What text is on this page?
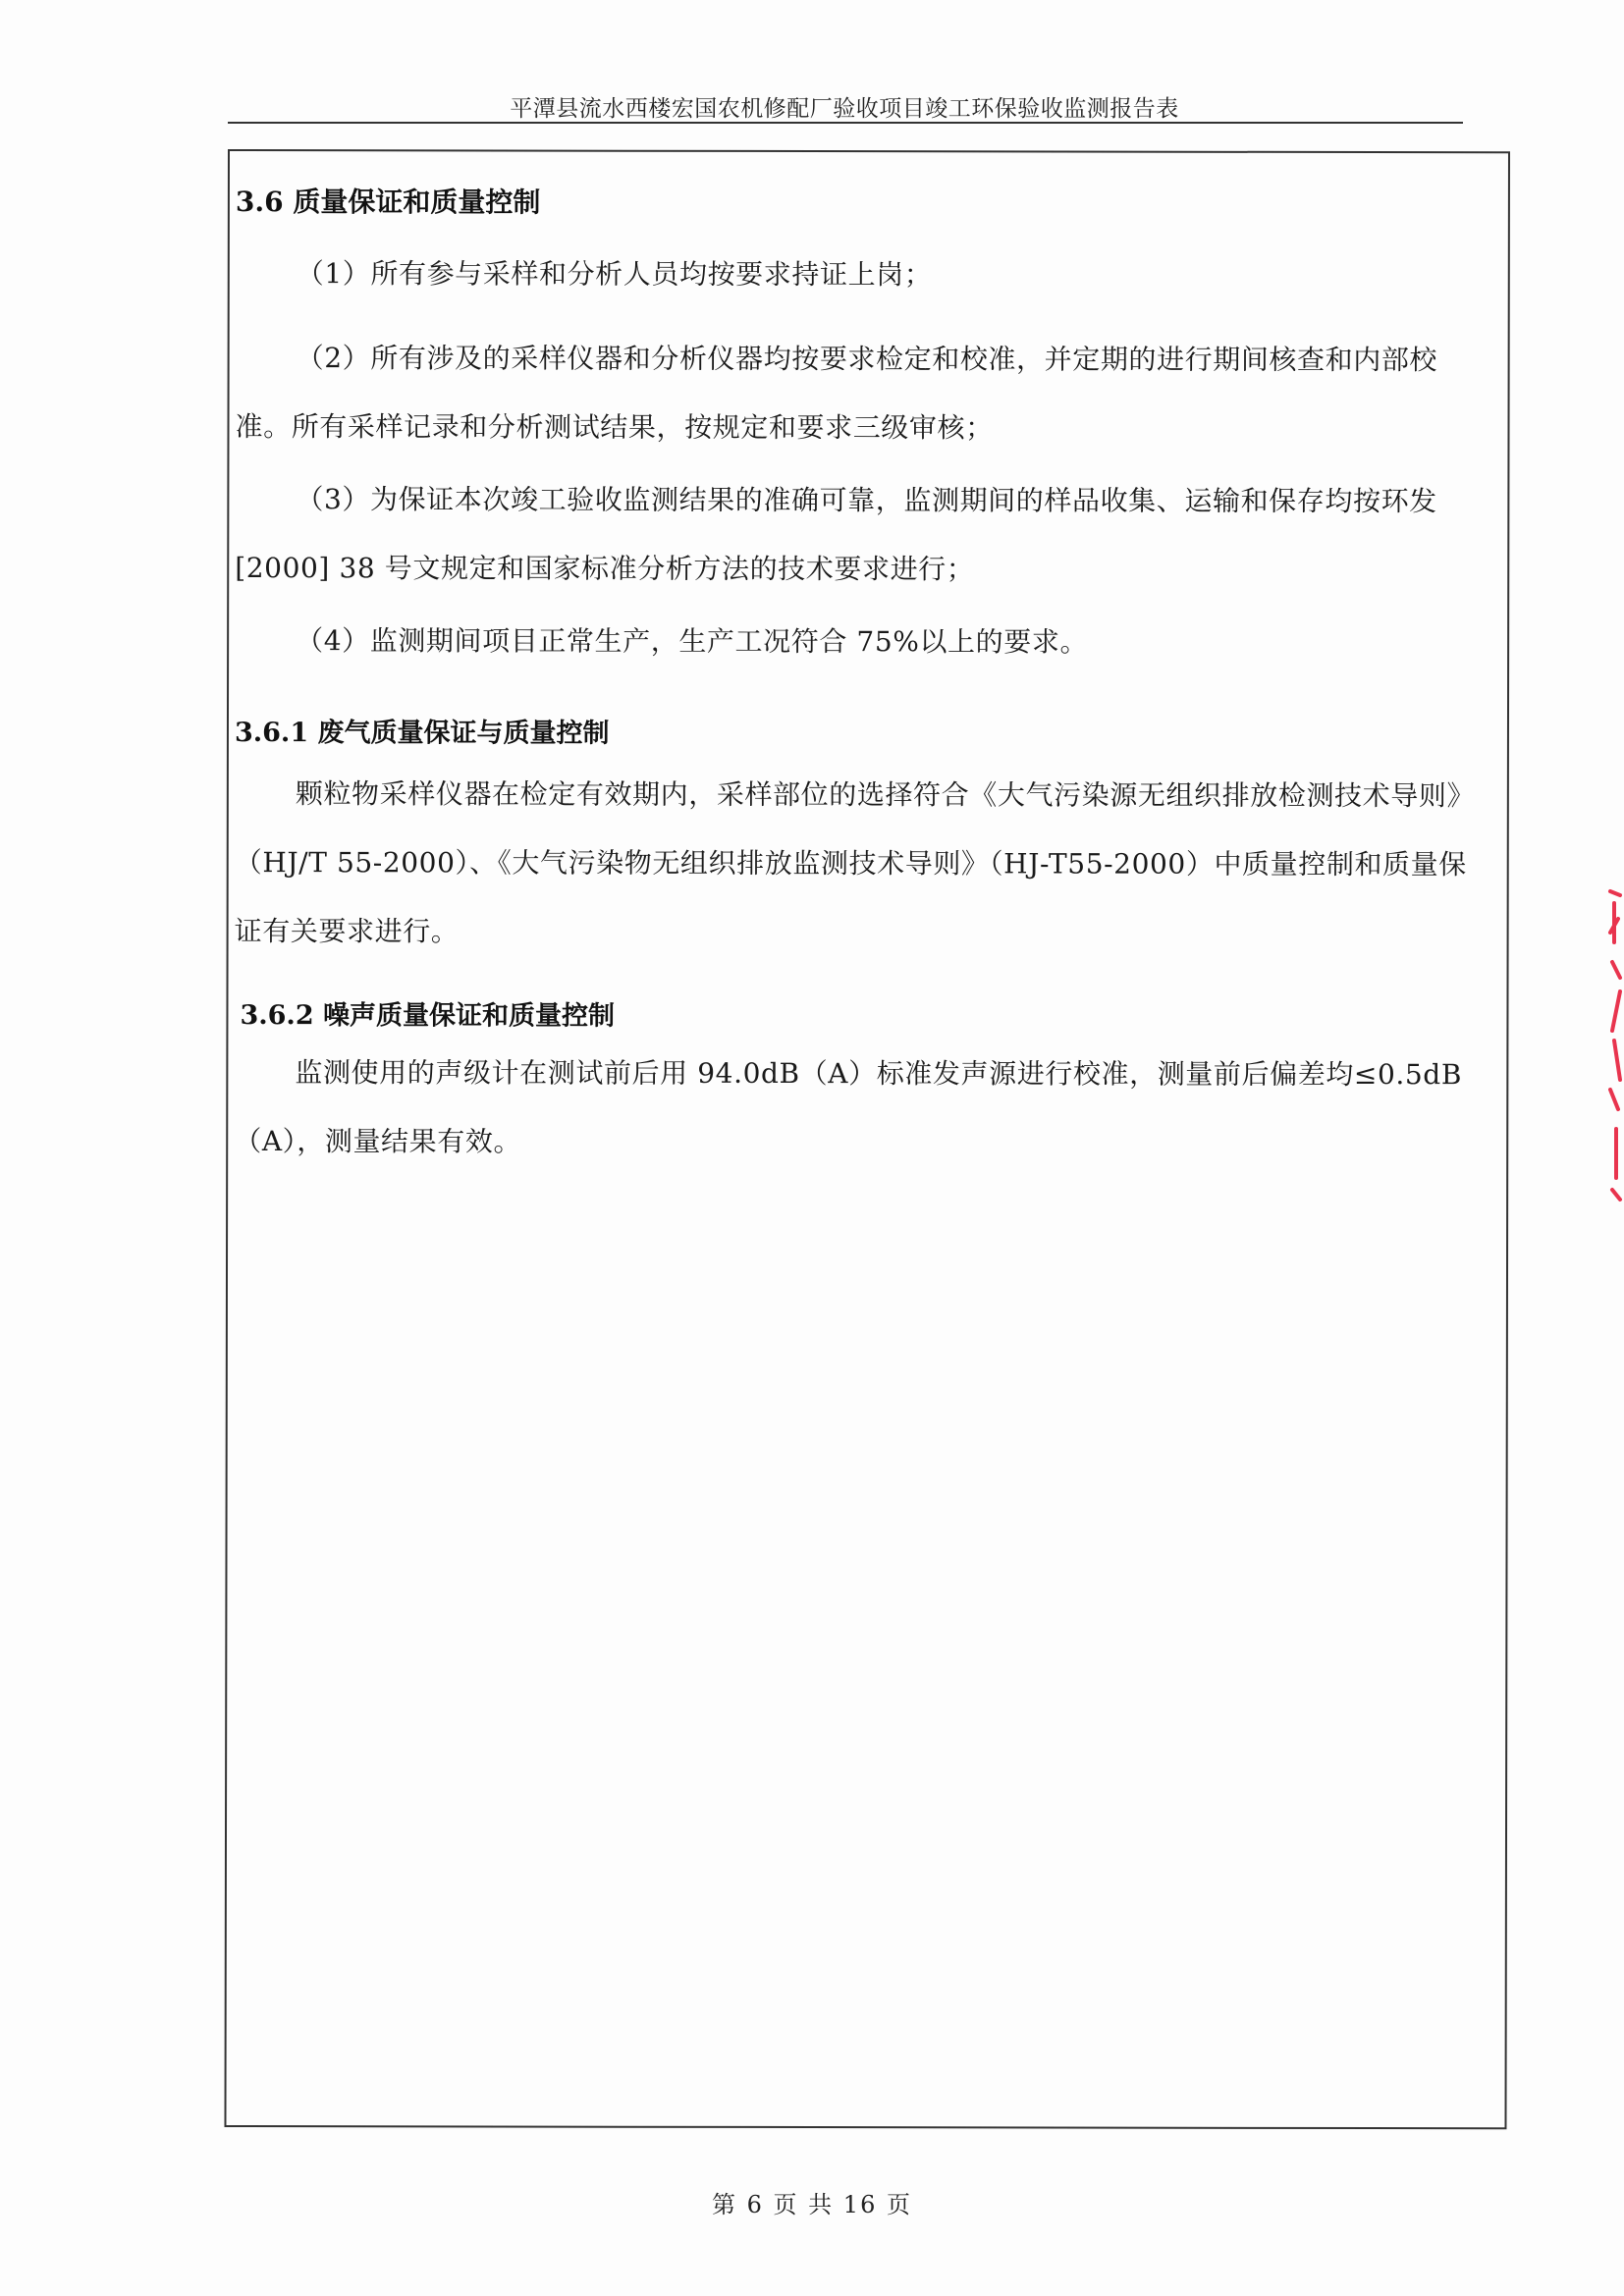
平潭县流水西楼宏国农机修配厂验收项目竣工环保验收监测报告表
3.6 质量保证和质量控制
（1）所有参与采样和分析人员均按要求持证上岗；
（2）所有涉及的采样仪器和分析仪器均按要求检定和校准，并定期的进行期间核查和内部校准。所有采样记录和分析测试结果，按规定和要求三级审核；
（3）为保证本次竣工验收监测结果的准确可靠，监测期间的样品收集、运输和保存均按环发[2000] 38 号文规定和国家标准分析方法的技术要求进行；
（4）监测期间项目正常生产，生产工况符合 75%以上的要求。
3.6.1 废气质量保证与质量控制
颗粒物采样仪器在检定有效期内，采样部位的选择符合《大气污染源无组织排放检测技术导则》（HJ/T 55-2000）、《大气污染物无组织排放监测技术导则》（HJ-T55-2000）中质量控制和质量保证有关要求进行。
3.6.2 噪声质量保证和质量控制
监测使用的声级计在测试前后用 94.0dB（A）标准发声源进行校准，测量前后偏差均≤0.5dB（A），测量结果有效。
第 6 页 共 16 页
